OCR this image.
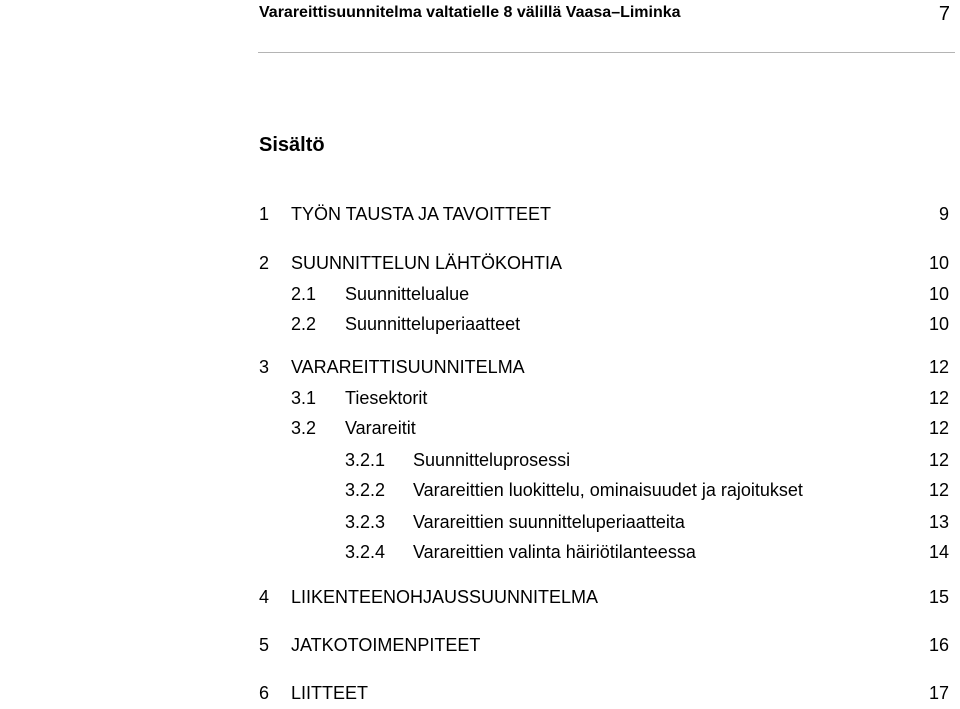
Varareittisuunnitelma valtatielle 8 välillä Vaasa–Liminka	7
Sisältö
1 TYÖN TAUSTA JA TAVOITTEET	9
2 SUUNNITTELUN LÄHTÖKOHTIA	10
2.1 Suunnittelualue	10
2.2 Suunnitteluperiaatteet	10
3 VARAREITTISUUNNITELMA	12
3.1 Tiesektorit	12
3.2 Varareitit	12
3.2.1 Suunnitteluprosessi	12
3.2.2 Varareittien luokittelu, ominaisuudet ja rajoitukset	12
3.2.3 Varareittien suunnitteluperiaatteita	13
3.2.4 Varareittien valinta häiriötilanteessa	14
4 LIIKENTEENOHJAUSSUUNNITELMA	15
5 JATKOTOIMENPITEET	16
6 LIITTEET	17
